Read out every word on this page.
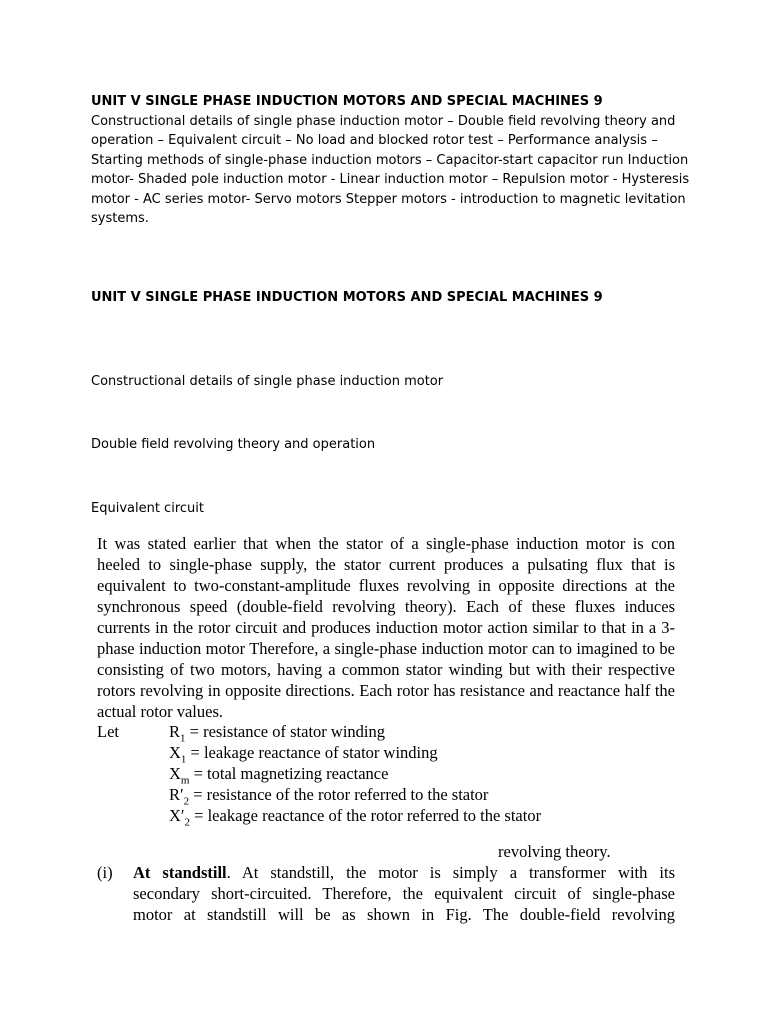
UNIT V SINGLE PHASE INDUCTION MOTORS AND SPECIAL MACHINES 9
Constructional details of single phase induction motor – Double field revolving theory and operation – Equivalent circuit – No load and blocked rotor test – Performance analysis – Starting methods of single-phase induction motors – Capacitor-start capacitor run Induction motor- Shaded pole induction motor - Linear induction motor – Repulsion motor - Hysteresis motor - AC series motor- Servo motors Stepper motors - introduction to magnetic levitation systems.
UNIT V SINGLE PHASE INDUCTION MOTORS AND SPECIAL MACHINES 9
Constructional details of single phase induction motor
Double field revolving theory and operation
Equivalent circuit

It was stated earlier that when the stator of a single-phase induction motor is con heeled to single-phase supply, the stator current produces a pulsating flux that is equivalent to two-constant-amplitude fluxes revolving in opposite directions at the synchronous speed (double-field revolving theory). Each of these fluxes induces currents in the rotor circuit and produces induction motor action similar to that in a 3-phase induction motor Therefore, a single-phase induction motor can to imagined to be consisting of two motors, having a common stator winding but with their respective rotors revolving in opposite directions. Each rotor has resistance and reactance half the actual rotor values.

Let	$R_1$ = resistance of stator winding
$X_1$ = leakage reactance of stator winding
$X_m$ = total magnetizing reactance
$R'_2$ = resistance of the rotor referred to the stator
$X'_2$ = leakage reactance of the rotor referred to the stator
revolving theory.
(i) At standstill. At standstill, the motor is simply a transformer with its

secondary short-circuited. Therefore, the equivalent circuit of single-phase

motor at standstill will be as shown in Fig. The double-field revolving
